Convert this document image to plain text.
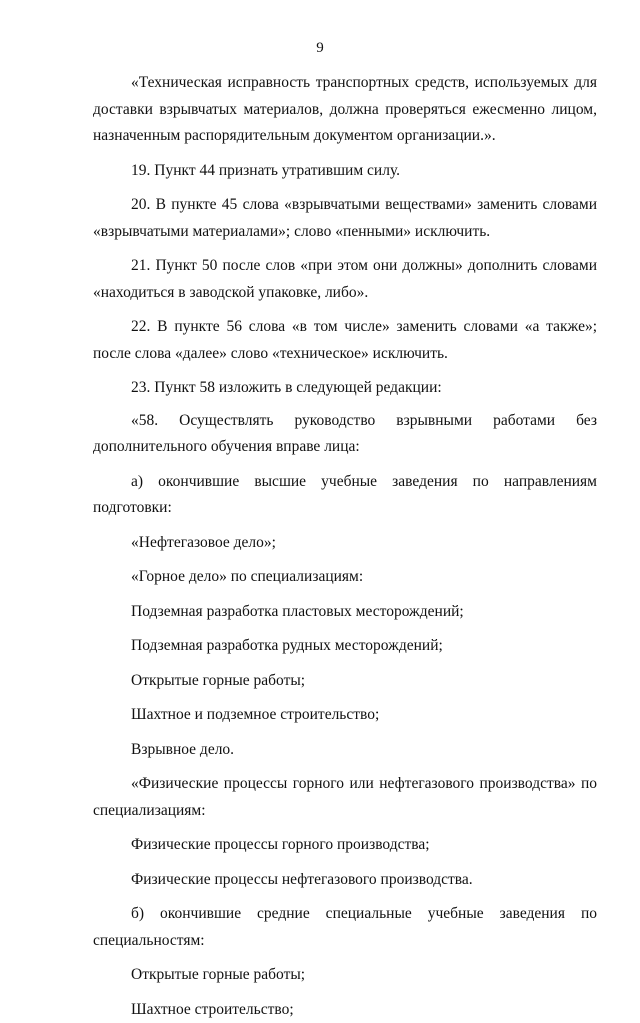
9

«Техническая исправность транспортных средств, используемых для доставки взрывчатых материалов, должна проверяться ежесменно лицом, назначенным распорядительным документом организации.».

19. Пункт 44 признать утратившим силу.

20. В пункте 45 слова «взрывчатыми веществами» заменить словами «взрывчатыми материалами»; слово «пенными» исключить.

21. Пункт 50 после слов «при этом они должны» дополнить словами «находиться в заводской упаковке, либо».

22. В пункте 56 слова «в том числе» заменить словами «а также»; после слова «далее» слово «техническое» исключить.

23. Пункт 58 изложить в следующей редакции:

«58. Осуществлять руководство взрывными работами без дополнительного обучения вправе лица:

а) окончившие высшие учебные заведения по направлениям подготовки:

«Нефтегазовое дело»;

«Горное дело» по специализациям:

Подземная разработка пластовых месторождений;

Подземная разработка рудных месторождений;

Открытые горные работы;

Шахтное и подземное строительство;

Взрывное дело.

«Физические процессы горного или нефтегазового производства» по специализациям:

Физические процессы горного производства;

Физические процессы нефтегазового производства.

б) окончившие средние специальные учебные заведения по специальностям:

Открытые горные работы;

Шахтное строительство;
